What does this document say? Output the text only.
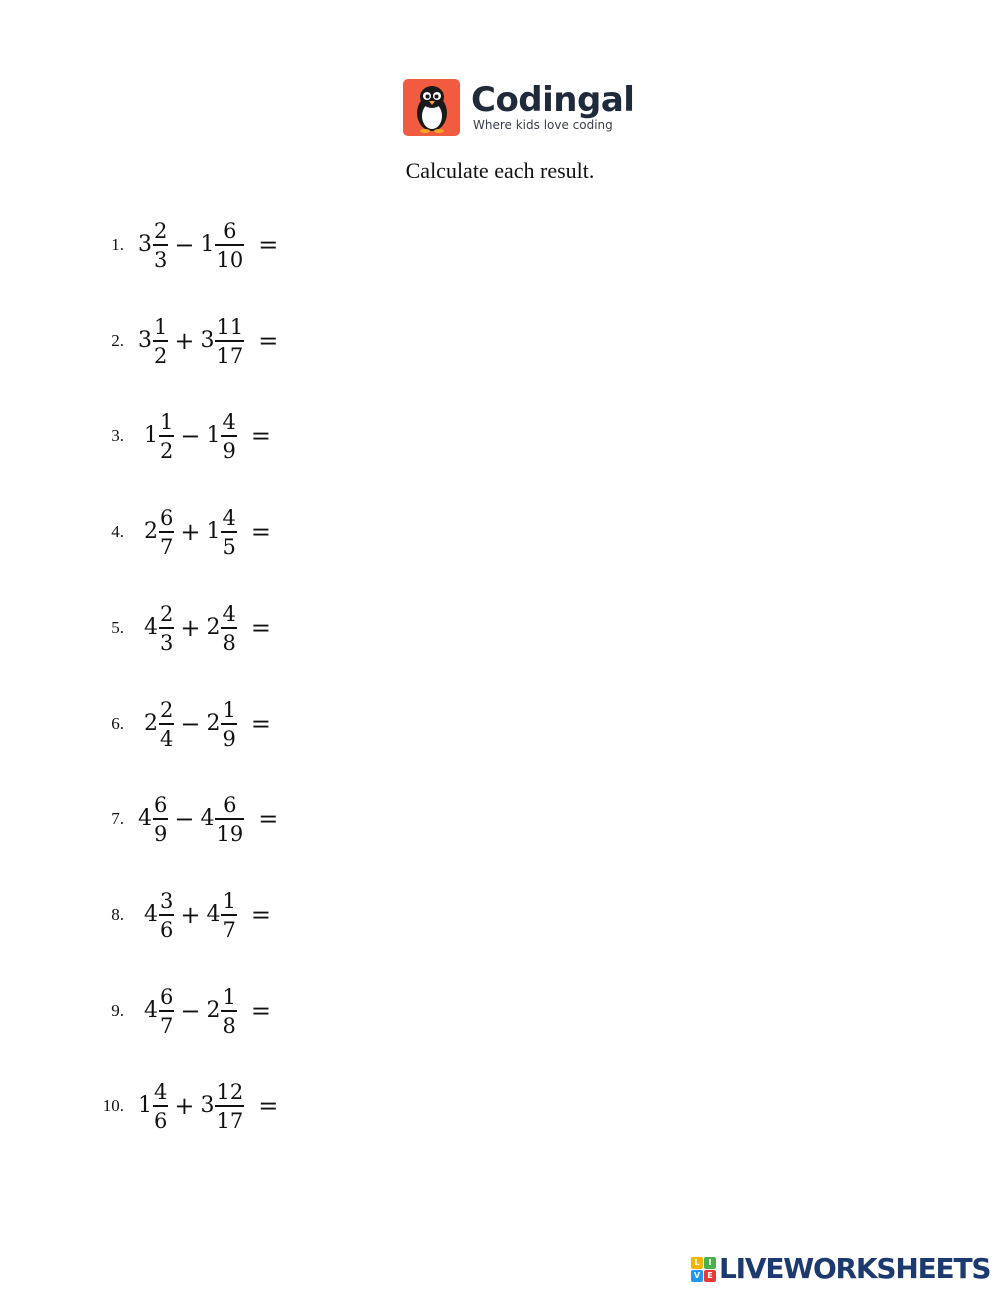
Codingal
Where kids love coding
Calculate each result.
1. $3 \frac{2}{3} - 1 \frac{6}{10}$ =
2. $3 \frac{1}{2} + 3 \frac{11}{17}$ =
3. $1 \frac{1}{2} - 1 \frac{4}{9}$ =
4. $2 \frac{6}{7} + 1 \frac{4}{5}$ =
5. $4 \frac{2}{3} + 2 \frac{4}{8}$ =
6. $2 \frac{2}{4} - 2 \frac{1}{9}$ =
7. $4 \frac{6}{9} - 4 \frac{6}{19}$ =
8. $4 \frac{3}{6} + 4 \frac{1}{7}$ =
9. $4 \frac{6}{7} - 2 \frac{1}{8}$ =
10. $1 \frac{4}{6} + 3 \frac{12}{17}$ =
L	I
V E LIVEWORKSHEETS
